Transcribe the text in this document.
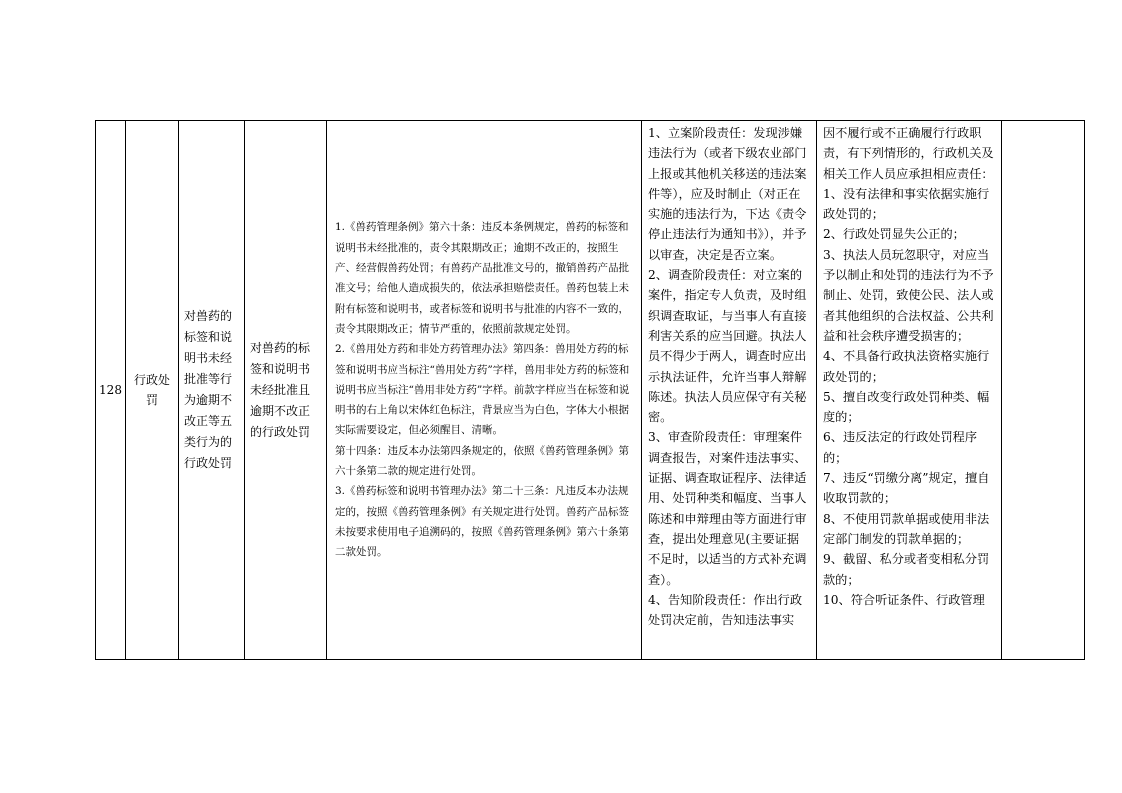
128
行政处罚
对兽药的标签和说明书未经批准等行为逾期不改正等五类行为的行政处罚
对兽药的标签和说明书未经批准且逾期不改正的行政处罚

1.《兽药管理条例》第六十条：违反本条例规定，兽药的标签和说明书未经批准的，责令其限期改正；逾期不改正的，按照生产、经营假兽药处罚；有兽药产品批准文号的，撤销兽药产品批准文号；给他人造成损失的，依法承担赔偿责任。兽药包装上未附有标签和说明书，或者标签和说明书与批准的内容不一致的，责令其限期改正；情节严重的，依照前款规定处罚。

2.《兽用处方药和非处方药管理办法》第四条：兽用处方药的标签和说明书应当标注“兽用处方药”字样，兽用非处方药的标签和说明书应当标注“兽用非处方药”字样。前款字样应当在标签和说明书的右上角以宋体红色标注，背景应当为白色，字体大小根据实际需要设定，但必须醒目、清晰。

第十四条：违反本办法第四条规定的，依照《兽药管理条例》第六十条第二款的规定进行处罚。

3.《兽药标签和说明书管理办法》第二十三条：凡违反本办法规定的，按照《兽药管理条例》有关规定进行处罚。兽药产品标签未按要求使用电子追溯码的，按照《兽药管理条例》第六十条第二款处罚。

1、立案阶段责任：发现涉嫌违法行为（或者下级农业部门上报或其他机关移送的违法案件等），应及时制止（对正在实施的违法行为，下达《责令停止违法行为通知书》），并予以审查，决定是否立案。

2、调查阶段责任：对立案的案件，指定专人负责，及时组织调查取证，与当事人有直接利害关系的应当回避。执法人员不得少于两人，调查时应出示执法证件，允许当事人辩解陈述。执法人员应保守有关秘密。

3、审查阶段责任：审理案件调查报告，对案件违法事实、证据、调查取证程序、法律适用、处罚种类和幅度、当事人陈述和申辩理由等方面进行审查，提出处理意见(主要证据不足时，以适当的方式补充调查）。

4、告知阶段责任：作出行政处罚决定前，告知违法事实

因不履行或不正确履行行政职责，有下列情形的，行政机关及相关工作人员应承担相应责任：

1、没有法律和事实依据实施行政处罚的；

2、行政处罚显失公正的；

3、执法人员玩忽职守，对应当予以制止和处罚的违法行为不予制止、处罚，致使公民、法人或者其他组织的合法权益、公共利益和社会秩序遭受损害的；

4、不具备行政执法资格实施行政处罚的；

5、擅自改变行政处罚种类、幅度的；

6、违反法定的行政处罚程序的；

7、违反“罚缴分离”规定，擅自收取罚款的；

8、不使用罚款单据或使用非法定部门制发的罚款单据的；

9、截留、私分或者变相私分罚款的；

10、符合听证条件、行政管理
